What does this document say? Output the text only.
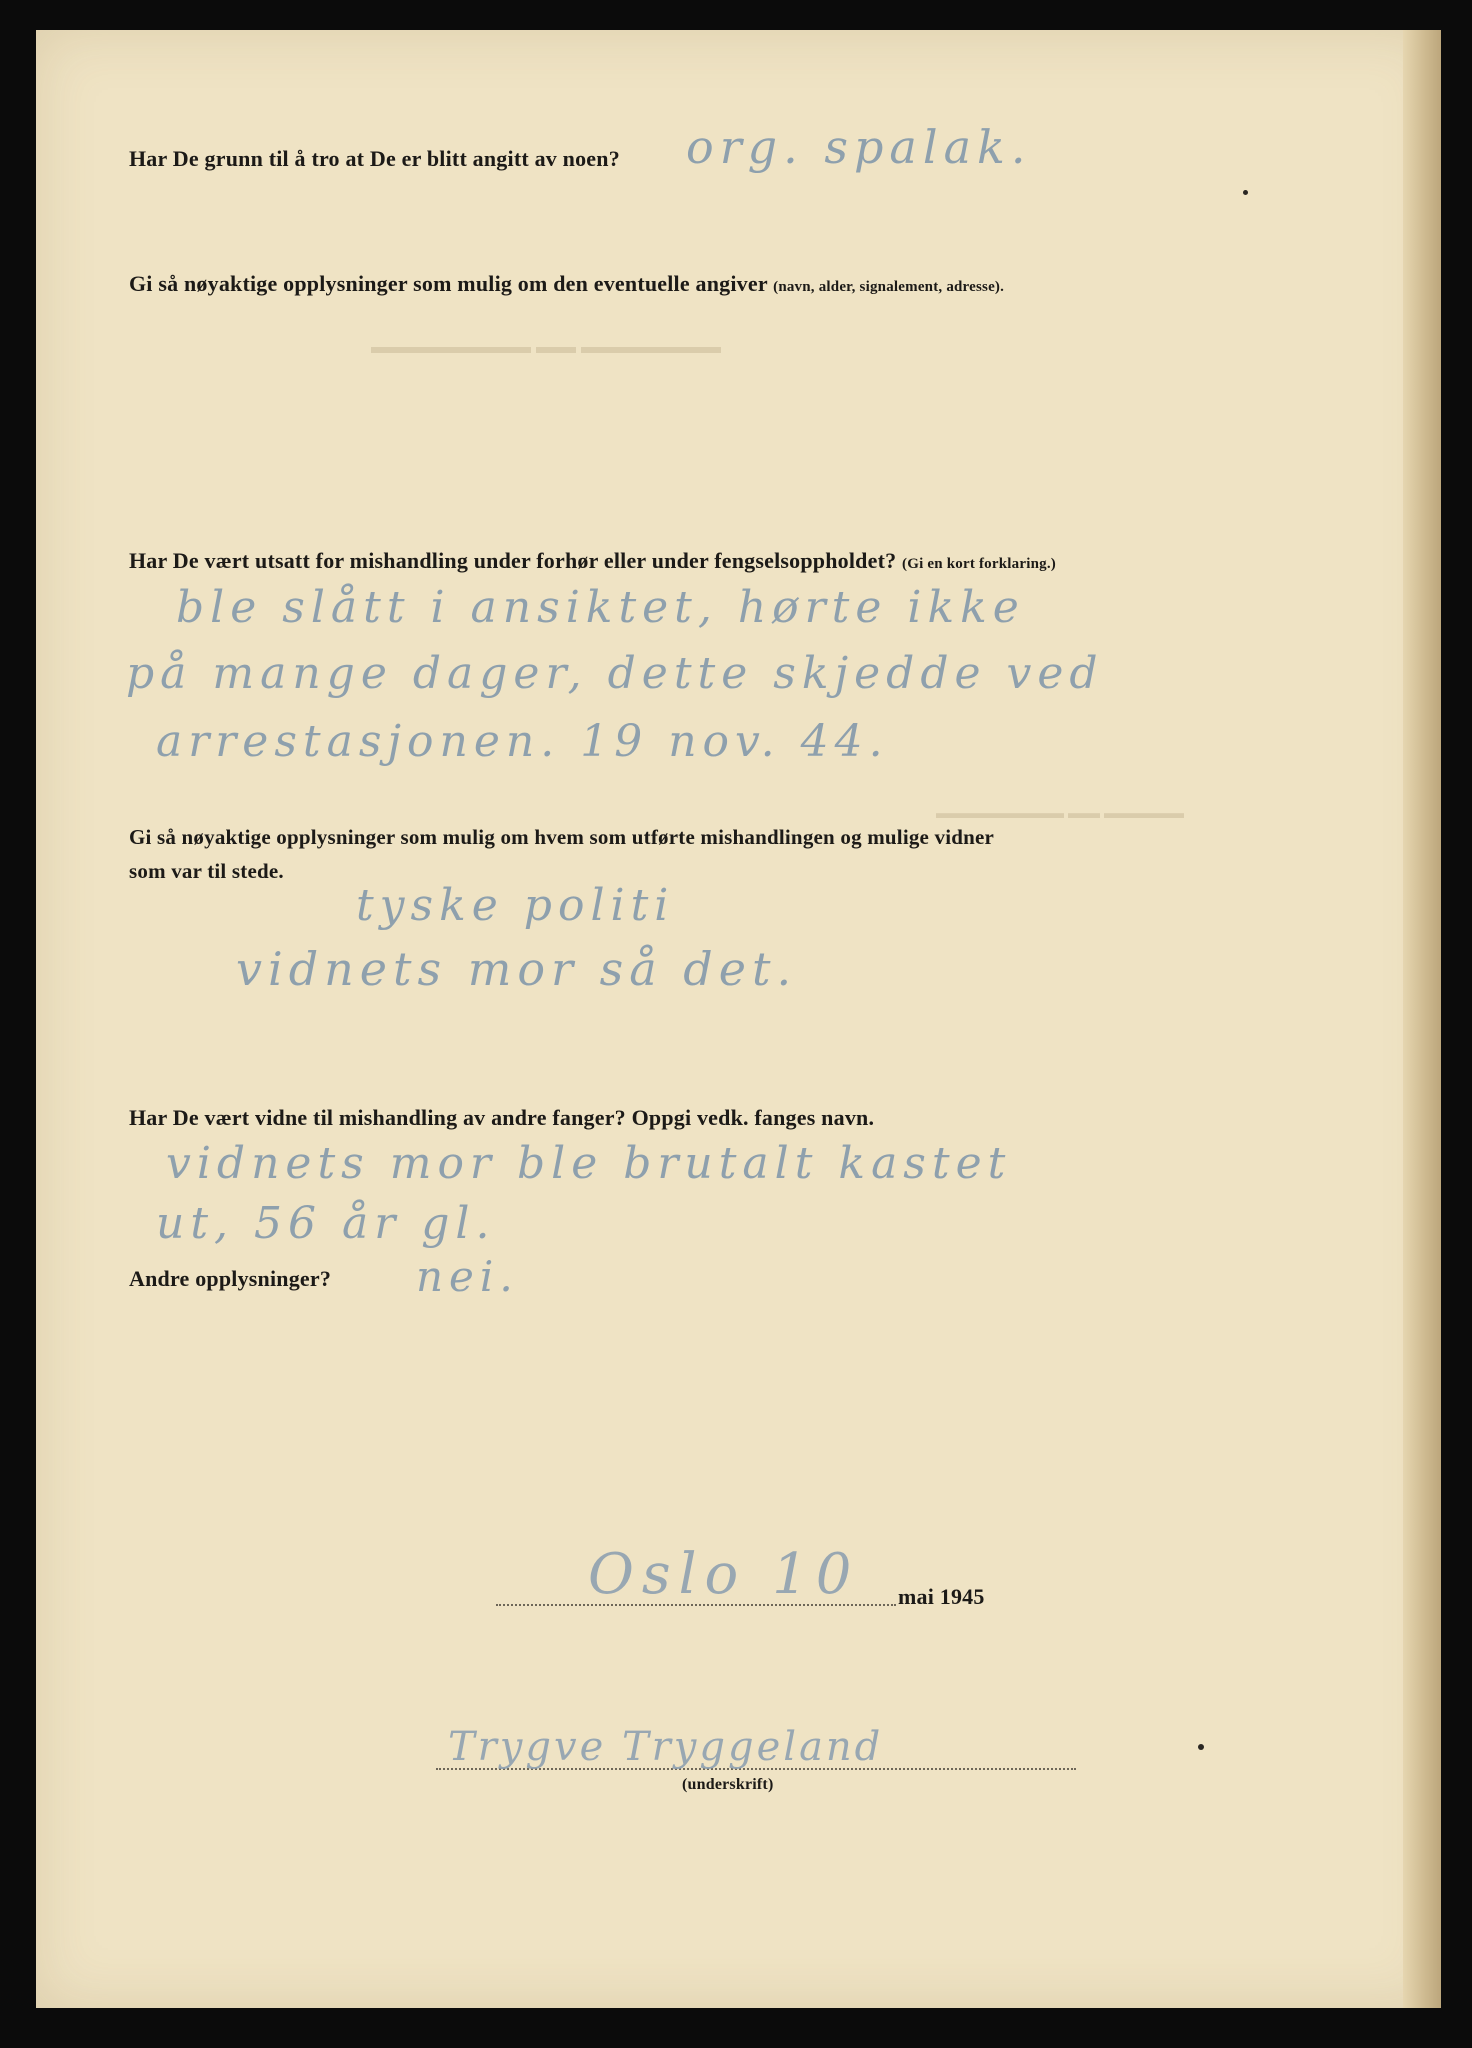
▬▬▬▬▬▬▬ ▬▬ ▬▬▬▬▬▬▬▬
▬▬▬▬▬ ▬▬ ▬▬▬▬▬▬▬▬

Har De grunn til å tro at De er blitt angitt av noen? org. spalak.

Gi så nøyaktige opplysninger som mulig om den eventuelle angiver (navn, alder, signalement, adresse).

Har De vært utsatt for mishandling under forhør eller under fengselsoppholdet? (Gi en kort forklaring.)

ble slått i ansiktet, hørte ikke

på mange dager, dette skjedde ved

arrestasjonen. 19 nov. 44.

Gi så nøyaktige opplysninger som mulig om hvem som utførte mishandlingen og mulige vidner

som var til stede.

tyske politi

vidnets mor så det.

Har De vært vidne til mishandling av andre fanger? Oppgi vedk. fanges navn.

vidnets mor ble brutalt kastet

ut, 56 år gl.

Andre opplysninger? nei.

Oslo 10 mai 1945

Trygve Tryggeland

(underskrift)
